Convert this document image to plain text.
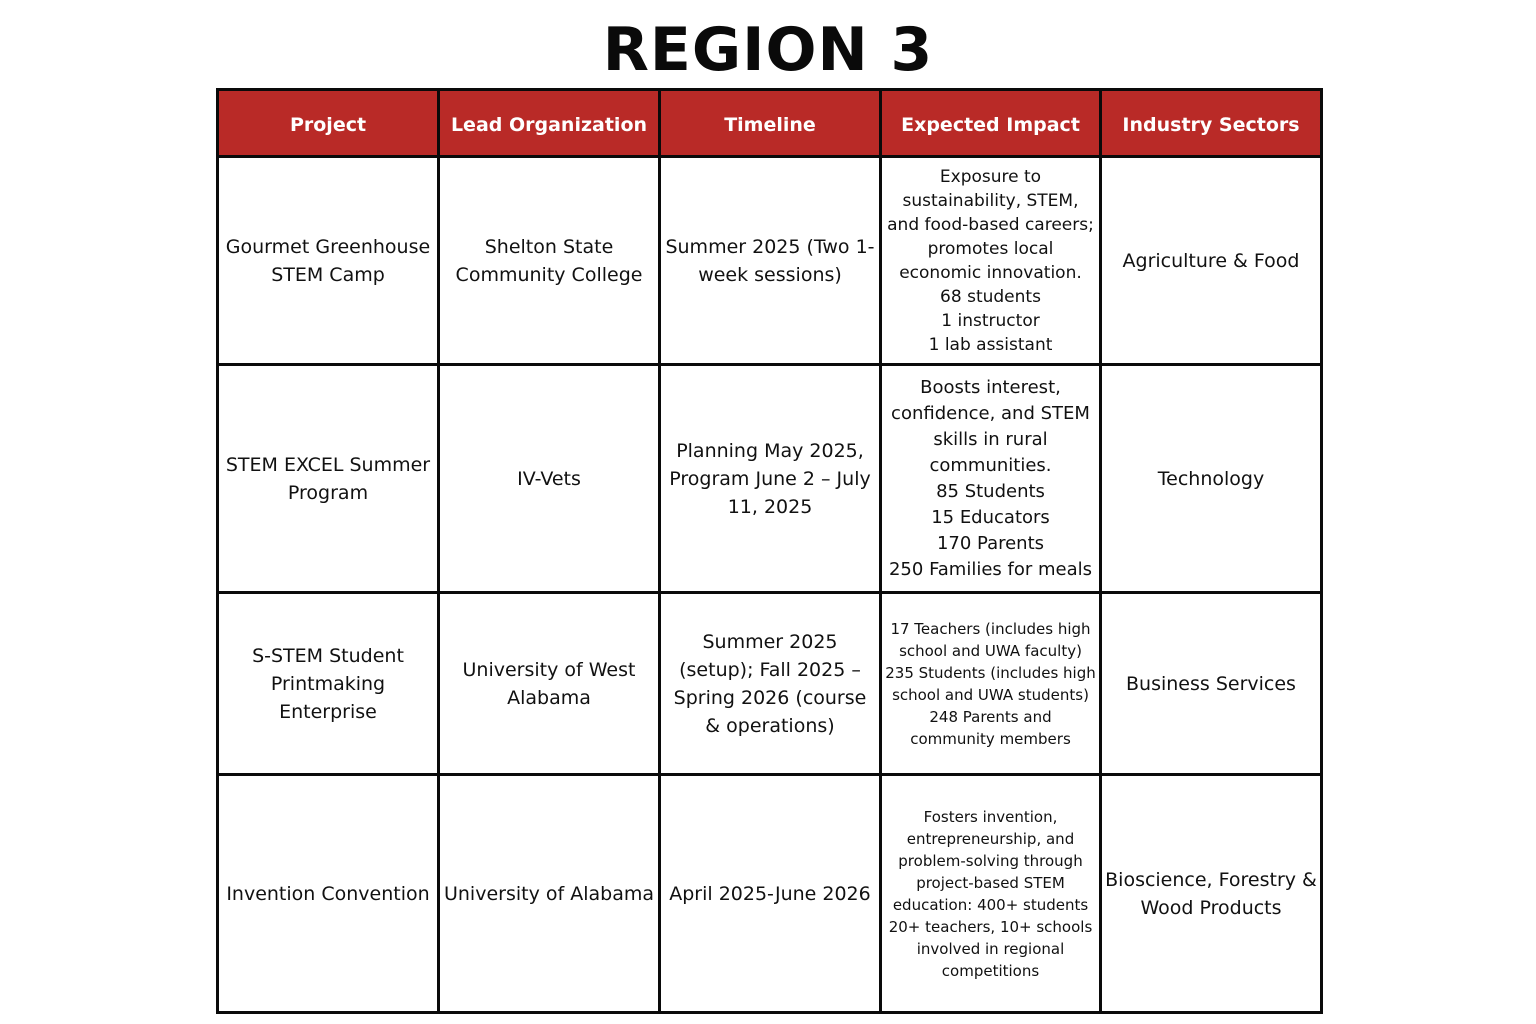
REGION 3
Project	Lead Organization	Timeline	Expected Impact	Industry Sectors
Gourmet Greenhouse STEM Camp	Shelton State Community College	Summer 2025 (Two 1-week sessions)	Exposure to sustainability, STEM, and food-based careers; promotes local economic innovation.
68 students
1 instructor
1 lab assistant	Agriculture & Food
STEM EXCEL Summer Program	IV-Vets	Planning May 2025, Program June 2 – July 11, 2025	Boosts interest, confidence, and STEM skills in rural communities.
85 Students
15 Educators
170 Parents
250 Families for meals	Technology
S-STEM Student Printmaking Enterprise	University of West Alabama	Summer 2025 (setup); Fall 2025 – Spring 2026 (course & operations)	17 Teachers (includes high school and UWA faculty)
235 Students (includes high school and UWA students)
248 Parents and community members	Business Services
Invention Convention	University of Alabama	April 2025-June 2026	Fosters invention, entrepreneurship, and problem-solving through project-based STEM education: 400+ students 20+ teachers, 10+ schools involved in regional competitions	Bioscience, Forestry & Wood Products
